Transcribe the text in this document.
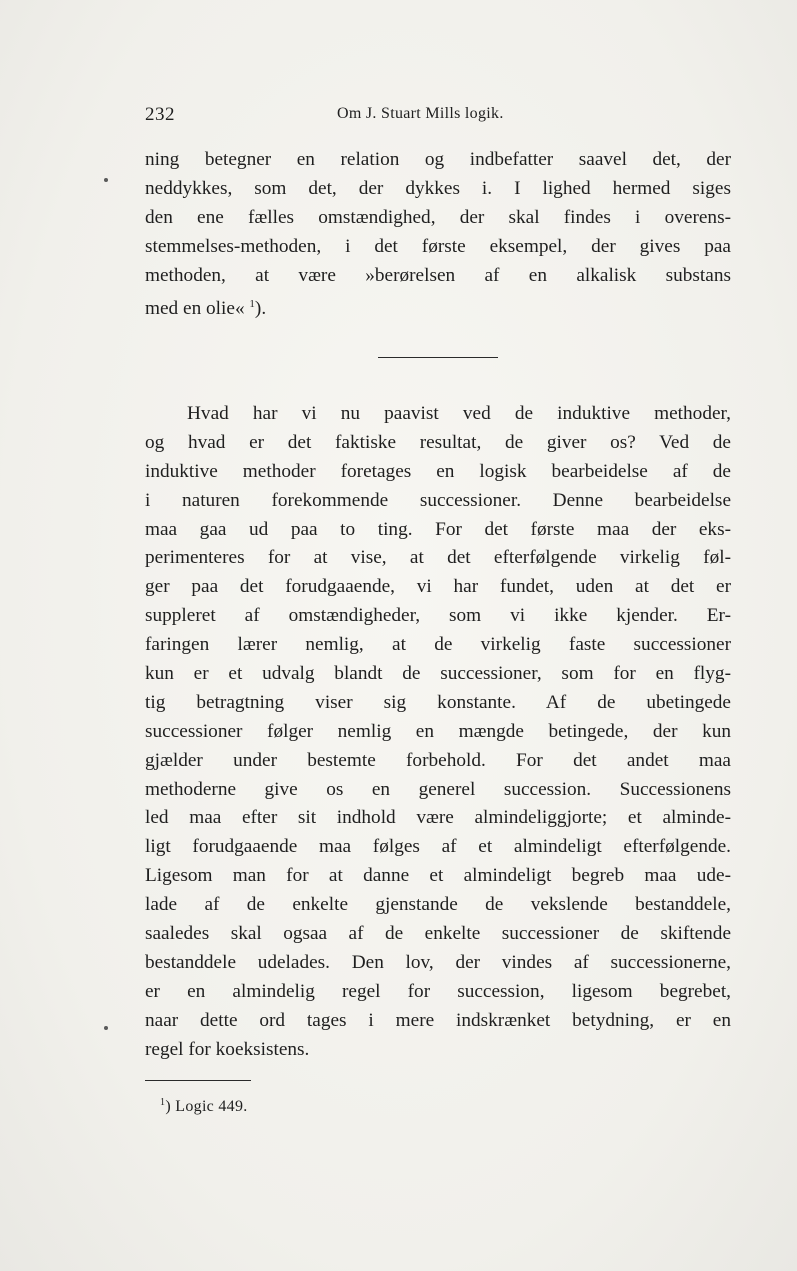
232	Om J. Stuart Mills logik.
ning betegner en relation og indbefatter saavel det, der
neddykkes, som det, der dykkes i. I lighed hermed siges
den ene fælles omstændighed, der skal findes i overens-
stemmelses-methoden, i det første eksempel, der gives paa
methoden, at være »berørelsen af en alkalisk substans
med en olie« $^1$).
Hvad har vi nu paavist ved de induktive methoder,
og hvad er det faktiske resultat, de giver os? Ved de
induktive methoder foretages en logisk bearbeidelse af de
i naturen forekommende successioner. Denne bearbeidelse
maa gaa ud paa to ting. For det første maa der eks-
perimenteres for at vise, at det efterfølgende virkelig føl-
ger paa det forudgaaende, vi har fundet, uden at det er
suppleret af omstændigheder, som vi ikke kjender. Er-
faringen lærer nemlig, at de virkelig faste successioner
kun er et udvalg blandt de successioner, som for en flyg-
tig betragtning viser sig konstante. Af de ubetingede
successioner følger nemlig en mængde betingede, der kun
gjælder under bestemte forbehold. For det andet maa
methoderne give os en generel succession. Successionens
led maa efter sit indhold være almindeliggjorte; et alminde-
ligt forudgaaende maa følges af et almindeligt efterfølgende.
Ligesom man for at danne et almindeligt begreb maa ude-
lade af de enkelte gjenstande de vekslende bestanddele,
saaledes skal ogsaa af de enkelte successioner de skiftende
bestanddele udelades. Den lov, der vindes af successionerne,
er en almindelig regel for succession, ligesom begrebet,
naar dette ord tages i mere indskrænket betydning, er en
regel for koeksistens.
$^1$) Logic 449.
